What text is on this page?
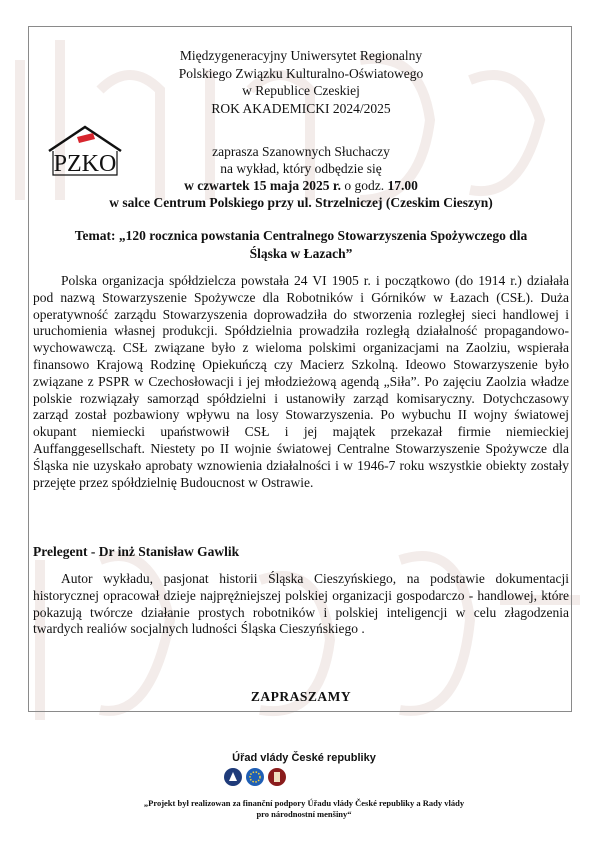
Międzygeneracyjny Uniwersytet Regionalny
Polskiego Związku Kulturalno-Oświatowego
w Republice Czeskiej
ROK AKADEMICKI 2024/2025
PZKO	zaprasza Szanownych Słuchaczy
na wykład, który odbędzie się
w czwartek 15 maja 2025 r. o godz. 17.00
w salce Centrum Polskiego przy ul. Strzelniczej (Czeskim Cieszyn)
Temat: „120 rocznica powstania Centralnego Stowarzyszenia Spożywczego dla
Śląska w Łazach”

Polska organizacja spółdzielcza powstała 24 VI 1905 r. i początkowo (do 1914 r.) działała pod nazwą Stowarzyszenie Spożywcze dla Robotników i Górników w Łazach (CSŁ). Duża operatywność zarządu Stowarzyszenia doprowadziła do stworzenia rozległej sieci handlowej i uruchomienia własnej produkcji. Spółdzielnia prowadziła rozległą działalność propagandowo-wychowawczą. CSŁ związane było z wieloma polskimi organizacjami na Zaolziu, wspierała finansowo Krajową Rodzinę Opiekuńczą czy Macierz Szkolną. Ideowo Stowarzyszenie było związane z PSPR w Czechosłowacji i jej młodzieżową agendą „Siła”. Po zajęciu Zaolzia władze polskie rozwiązały samorząd spółdzielni i ustanowiły zarząd komisaryczny. Dotychczasowy zarząd został pozbawiony wpływu na losy Stowarzyszenia. Po wybuchu II wojny światowej okupant niemiecki upaństwowił CSŁ i jej majątek przekazał firmie niemieckiej Auffanggesellschaft. Niestety po II wojnie światowej Centralne Stowarzyszenie Spożywcze dla Śląska nie uzyskało aprobaty wznowienia działalności i w 1946-7 roku wszystkie obiekty zostały przejęte przez spółdzielnię Budoucnost w Ostrawie.

Prelegent - Dr inż Stanisław Gawlik

Autor wykładu, pasjonat historii Śląska Cieszyńskiego, na podstawie dokumentacji historycznej opracował dzieje najprężniejszej polskiej organizacji gospodarczo - handlowej, które pokazują twórcze działanie prostych robotników i polskiej inteligencji w celu złagodzenia twardych realiów socjalnych ludności Śląska Cieszyńskiego .

ZAPRASZAMY
Úřad vlády České republiky
„Projekt był realizowan za finanční podpory Úřadu vlády České republiky a Rady vlády
pro národnostní menšiny“
